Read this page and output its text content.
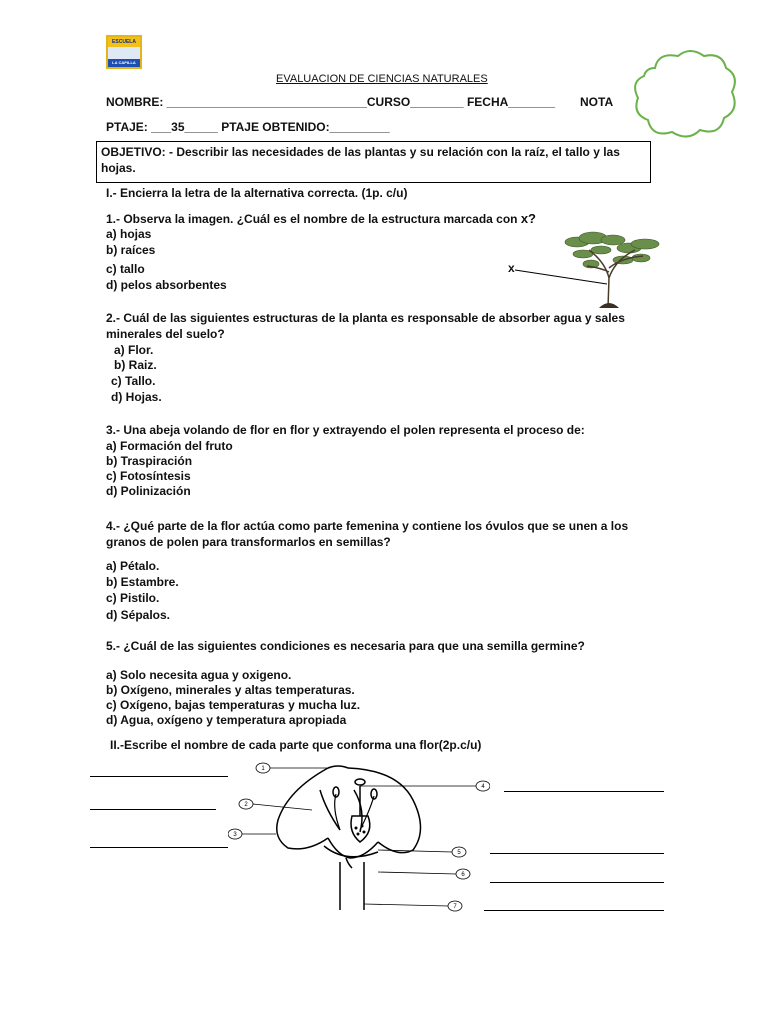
ESCUELA
LA CAPILLA
EVALUACION DE CIENCIAS NATURALES
NOMBRE: ______________________________CURSO________ FECHA_______ NOTA
PTAJE: ___35_____ PTAJE OBTENIDO:_________
OBJETIVO: - Describir las necesidades de las plantas y su relación con la raíz, el tallo y las hojas.
I.- Encierra la letra de la alternativa correcta. (1p. c/u)
1.- Observa la imagen. ¿Cuál es el nombre de la estructura marcada con x?
a) hojas
b) raíces
c) tallo
d) pelos absorbentes
x
2.- Cuál de las siguientes estructuras de la planta es responsable de absorber agua y sales
minerales del suelo?
a) Flor.
b) Raiz.
c) Tallo.
d) Hojas.
3.- Una abeja volando de flor en flor y extrayendo el polen representa el proceso de:
a) Formación del fruto
b) Traspiración
c) Fotosíntesis
d) Polinización
4.- ¿Qué parte de la flor actúa como parte femenina y contiene los óvulos que se unen a los
granos de polen para transformarlos en semillas?
a) Pétalo.
b) Estambre.
c) Pistilo.
d) Sépalos.
5.- ¿Cuál de las siguientes condiciones es necesaria para que una semilla germine?
a) Solo necesita agua y oxigeno.
b) Oxígeno, minerales y altas temperaturas.
c) Oxígeno, bajas temperaturas y mucha luz.
d) Agua, oxígeno y temperatura apropiada
II.-Escribe el nombre de cada parte que conforma una flor(2p.c/u)
1
2
3
4
5
6
7
